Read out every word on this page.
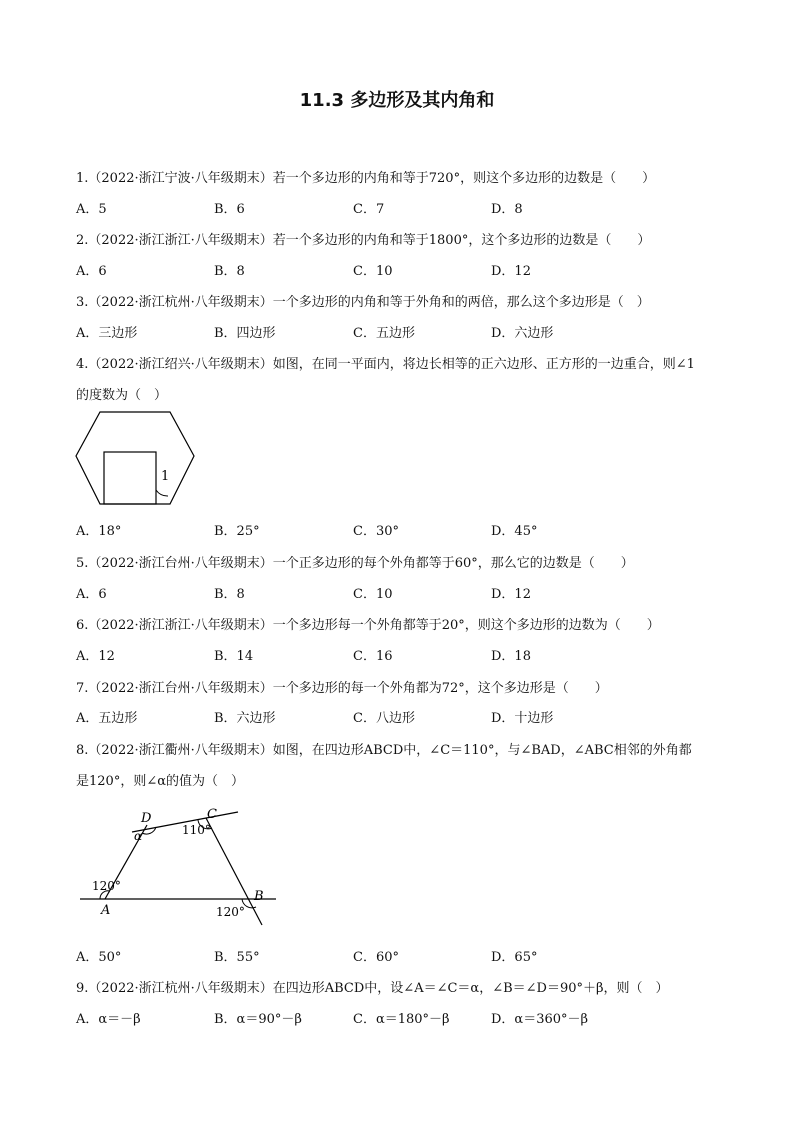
11.3 多边形及其内角和
1.（2022·浙江宁波·八年级期末）若一个多边形的内角和等于720°，则这个多边形的边数是（　　）
A．5	B．6	C．7	D．8
2.（2022·浙江浙江·八年级期末）若一个多边形的内角和等于1800°，这个多边形的边数是（　　）
A．6	B．8	C．10	D．12
3.（2022·浙江杭州·八年级期末）一个多边形的内角和等于外角和的两倍，那么这个多边形是（　）
A．三边形	B．四边形	C．五边形	D．六边形
4.（2022·浙江绍兴·八年级期末）如图，在同一平面内，将边长相等的正六边形、正方形的一边重合，则∠1
的度数为（　）
1
A．18°	B．25°	C．30°	D．45°
5.（2022·浙江台州·八年级期末）一个正多边形的每个外角都等于60°，那么它的边数是（　　）
A．6	B．8	C．10	D．12
6.（2022·浙江浙江·八年级期末）一个多边形每一个外角都等于20°，则这个多边形的边数为（　　）
A．12	B．14	C．16	D．18
7.（2022·浙江台州·八年级期末）一个多边形的每一个外角都为72°，这个多边形是（　　）
A．五边形	B．六边形	C．八边形	D．十边形
8.（2022·浙江衢州·八年级期末）如图，在四边形ABCD中，∠C＝110°，与∠BAD，∠ABC相邻的外角都
是120°，则∠α的值为（　）
D	C
α	110°
120°
A	120°
B
A．50°	B．55°	C．60°	D．65°
9.（2022·浙江杭州·八年级期末）在四边形ABCD中，设∠A＝∠C＝α，∠B＝∠D＝90°＋β，则（　）
A．α＝－β	B．α＝90°－β	C．α＝180°－β	D．α＝360°－β
